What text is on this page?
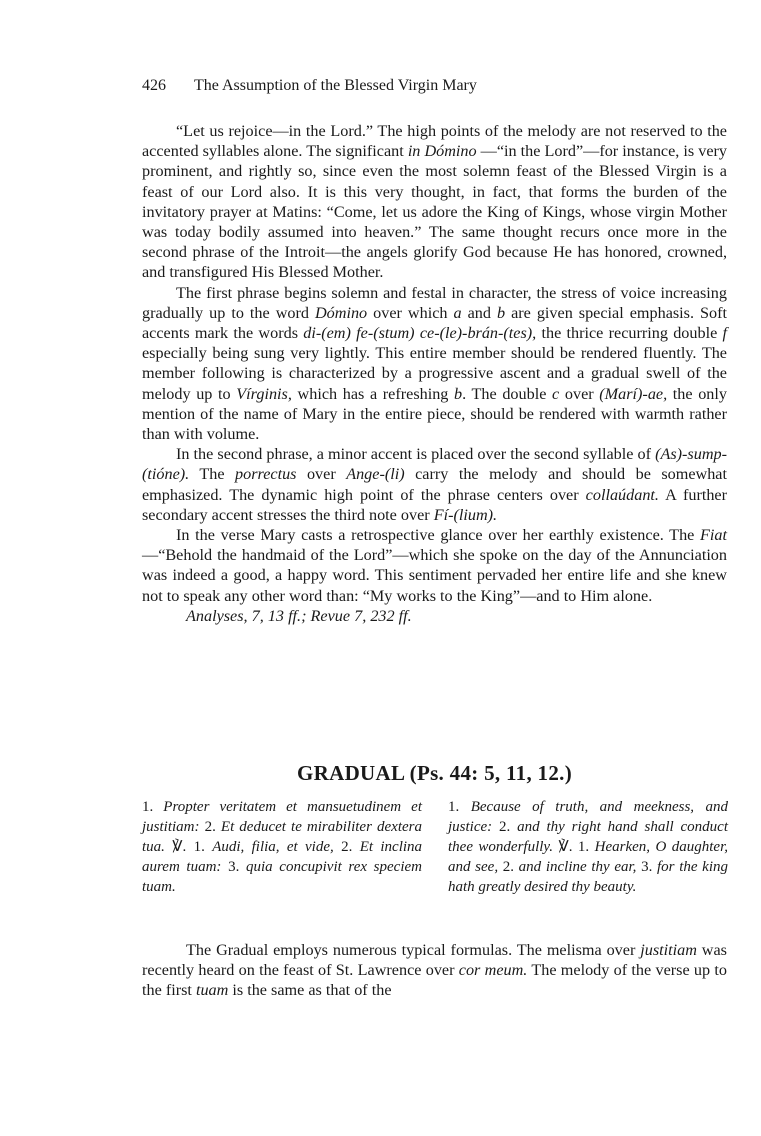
426 The Assumption of the Blessed Virgin Mary

“Let us rejoice—in the Lord.” The high points of the melody are not reserved to the accented syllables alone. The significant in Dómino —“in the Lord”—for instance, is very prominent, and rightly so, since even the most solemn feast of the Blessed Virgin is a feast of our Lord also. It is this very thought, in fact, that forms the burden of the invitatory prayer at Matins: “Come, let us adore the King of Kings, whose virgin Mother was today bodily assumed into heaven.” The same thought recurs once more in the second phrase of the Introit—the angels glorify God because He has honored, crowned, and transfigured His Blessed Mother.

The first phrase begins solemn and festal in character, the stress of voice increasing gradually up to the word Dómino over which a and b are given special emphasis. Soft accents mark the words di-(em) fe-(stum) ce-(le)-brán-(tes), the thrice recurring double f especially being sung very lightly. This entire member should be rendered fluently. The member following is characterized by a progressive ascent and a gradual swell of the melody up to Vírginis, which has a refreshing b. The double c over (Marí)-ae, the only mention of the name of Mary in the entire piece, should be rendered with warmth rather than with volume.

In the second phrase, a minor accent is placed over the second syllable of (As)-sump-(tióne). The porrectus over Ange-(li) carry the melody and should be somewhat emphasized. The dynamic high point of the phrase centers over collaúdant. A further secondary accent stresses the third note over Fí-(lium).

In the verse Mary casts a retrospective glance over her earthly existence. The Fiat—“Behold the handmaid of the Lord”—which she spoke on the day of the Annunciation was indeed a good, a happy word. This sentiment pervaded her entire life and she knew not to speak any other word than: “My works to the King”—and to Him alone.

Analyses, 7, 13 ff.; Revue 7, 232 ff.

GRADUAL (Ps. 44: 5, 11, 12.)
1. Propter veritatem et mansuetudinem et justitiam: 2. Et deducet te mirabiliter dextera tua. ℣. 1. Audi, filia, et vide, 2. Et inclina aurem tuam: 3. quia concupivit rex speciem tuam.
1. Because of truth, and meekness, and justice: 2. and thy right hand shall conduct thee wonderfully. ℣. 1. Hearken, O daughter, and see, 2. and incline thy ear, 3. for the king hath greatly desired thy beauty.

The Gradual employs numerous typical formulas. The melisma over justitiam was recently heard on the feast of St. Lawrence over cor meum. The melody of the verse up to the first tuam is the same as that of the
